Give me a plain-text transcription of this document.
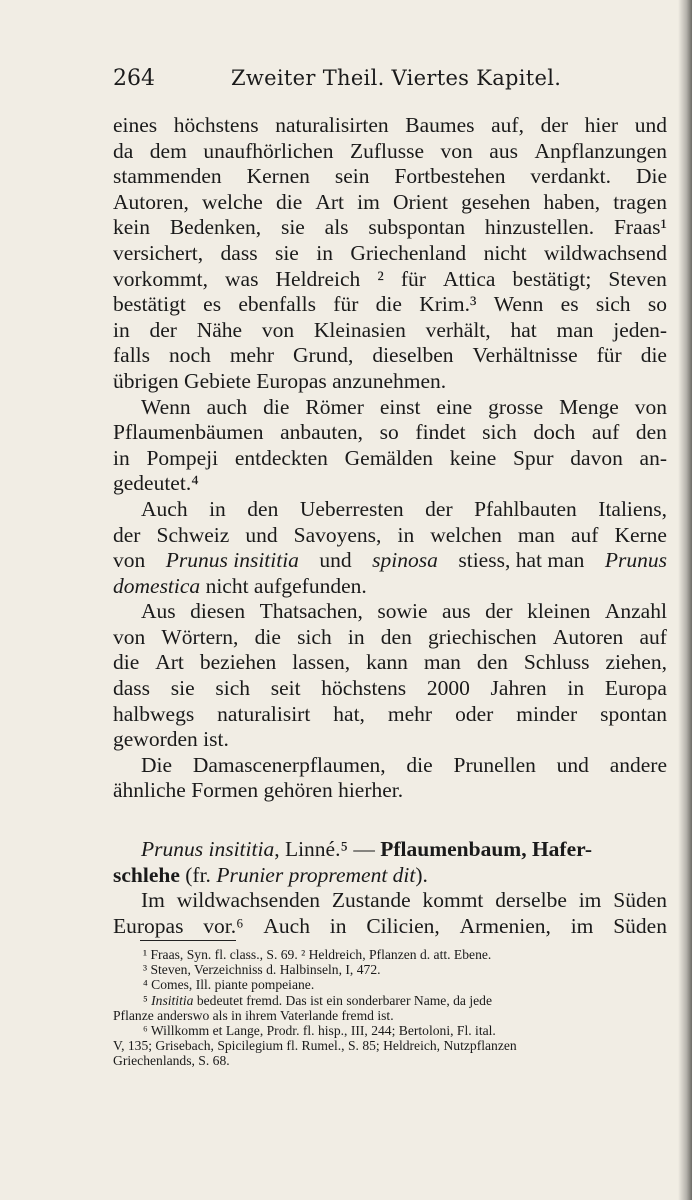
264	Zweiter Theil. Viertes Kapitel.
eines höchstens naturalisirten Baumes auf, der hier und
da dem unaufhörlichen Zuflusse von aus Anpflanzungen
stammenden Kernen sein Fortbestehen verdankt. Die
Autoren, welche die Art im Orient gesehen haben, tragen
kein Bedenken, sie als subspontan hinzustellen. Fraas¹
versichert, dass sie in Griechenland nicht wildwachsend
vorkommt, was Heldreich ² für Attica bestätigt; Steven
bestätigt es ebenfalls für die Krim.³ Wenn es sich so
in der Nähe von Kleinasien verhält, hat man jeden-
falls noch mehr Grund, dieselben Verhältnisse für die
übrigen Gebiete Europas anzunehmen.
Wenn auch die Römer einst eine grosse Menge von
Pflaumenbäumen anbauten, so findet sich doch auf den
in Pompeji entdeckten Gemälden keine Spur davon an-
gedeutet.⁴
Auch in den Ueberresten der Pfahlbauten Italiens,
der Schweiz und Savoyens, in welchen man auf Kerne
von Prunus insititia und spinosa stiess, hat man Prunus
domestica
nicht aufgefunden.
Aus diesen Thatsachen, sowie aus der kleinen Anzahl
von Wörtern, die sich in den griechischen Autoren auf
die Art beziehen lassen, kann man den Schluss ziehen,
dass sie sich seit höchstens 2000 Jahren in Europa
halbwegs naturalisirt hat, mehr oder minder spontan
geworden ist.
Die Damascenerpflaumen, die Prunellen und andere
ähnliche Formen gehören hierher.
Prunus insititia , Linné.⁵ —
Pflaumenbaum, Hafer-
schlehe
(fr.
Prunier proprement dit ).
Im wildwachsenden Zustande kommt derselbe im Süden
Europas vor.⁶ Auch in Cilicien, Armenien, im Süden
¹ Fraas, Syn. fl. class., S. 69. ² Heldreich, Pflanzen d. att. Ebene.
³ Steven, Verzeichniss d. Halbinseln, I, 472.
⁴ Comes, Ill. piante pompeiane.
⁵ Insititia bedeutet fremd. Das ist ein sonderbarer Name, da jede
Pflanze anderswo als in ihrem Vaterlande fremd ist.
⁶ Willkomm et Lange, Prodr. fl. hisp., III, 244; Bertoloni, Fl. ital.
V, 135; Grisebach, Spicilegium fl. Rumel., S. 85; Heldreich, Nutzpflanzen
Griechenlands, S. 68.
